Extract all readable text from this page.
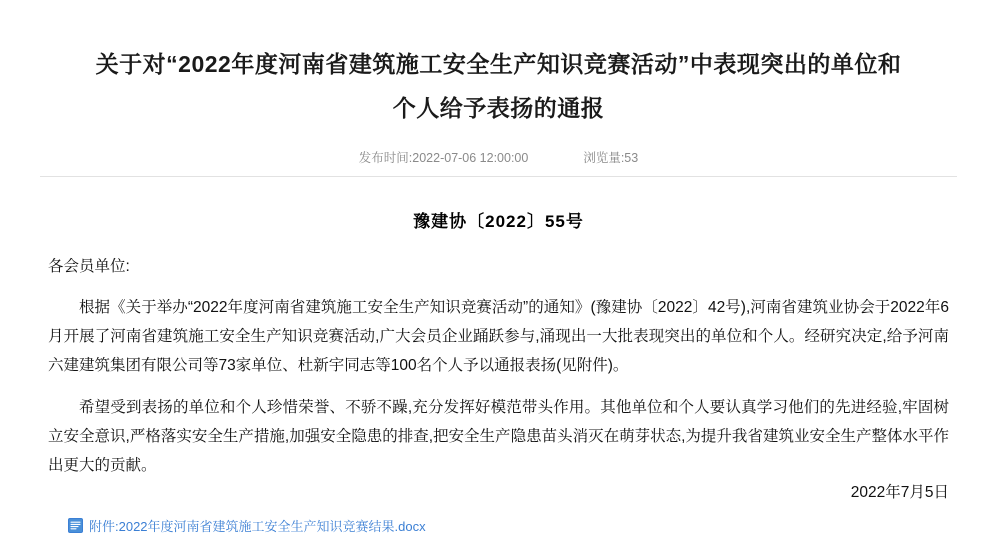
关于对“2022年度河南省建筑施工安全生产知识竞赛活动”中表现突出的单位和个人给予表扬的通报
发布时间:2022-07-06 12:00:00	浏览量:53
豫建协〔2022〕55号
各会员单位:

根据《关于举办“2022年度河南省建筑施工安全生产知识竞赛活动”的通知》(豫建协〔2022〕42号),河南省建筑业协会于2022年6月开展了河南省建筑施工安全生产知识竞赛活动,广大会员企业踊跃参与,涌现出一大批表现突出的单位和个人。经研究决定,给予河南六建建筑集团有限公司等73家单位、杜新宇同志等100名个人予以通报表扬(见附件)。

希望受到表扬的单位和个人珍惜荣誉、不骄不躁,充分发挥好模范带头作用。其他单位和个人要认真学习他们的先进经验,牢固树立安全意识,严格落实安全生产措施,加强安全隐患的排查,把安全生产隐患苗头消灭在萌芽状态,为提升我省建筑业安全生产整体水平作出更大的贡献。

附件:2022年度河南省建筑施工安全生产知识竞赛结果.docx
2022年7月5日
